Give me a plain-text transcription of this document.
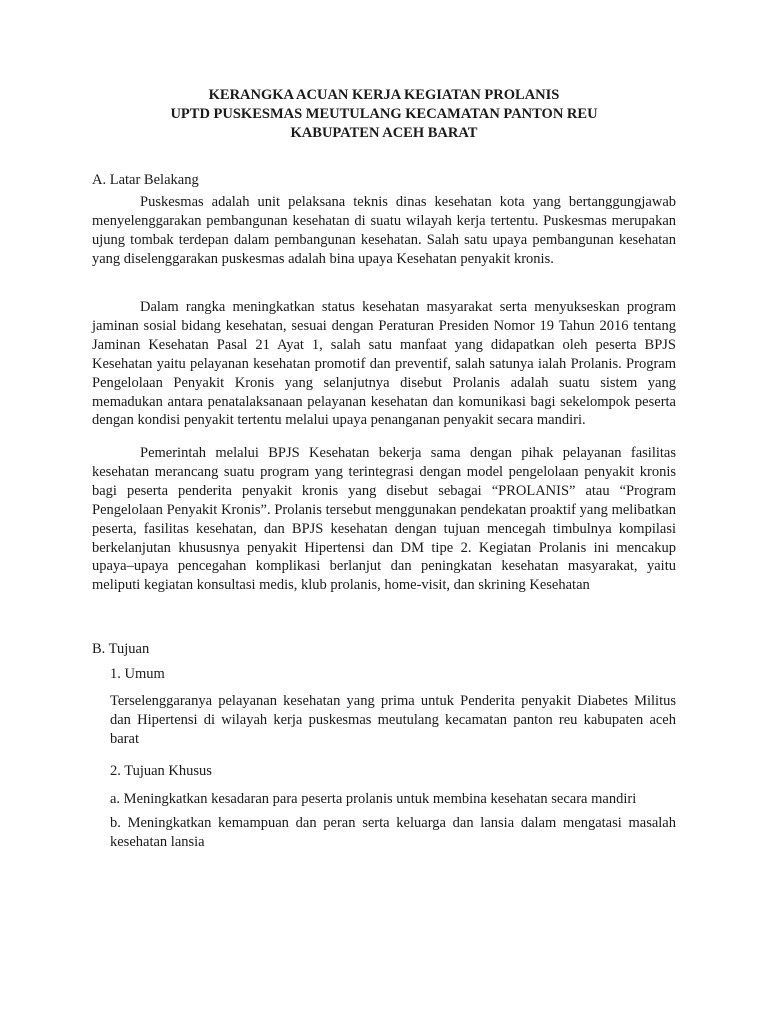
KERANGKA ACUAN KERJA KEGIATAN PROLANIS
UPTD PUSKESMAS MEUTULANG KECAMATAN PANTON REU
KABUPATEN ACEH BARAT
A. Latar Belakang
Puskesmas adalah unit pelaksana teknis dinas kesehatan kota yang bertanggungjawab menyelenggarakan pembangunan kesehatan di suatu wilayah kerja tertentu. Puskesmas merupakan ujung tombak terdepan dalam pembangunan kesehatan. Salah satu upaya pembangunan kesehatan yang diselenggarakan puskesmas adalah bina upaya Kesehatan penyakit kronis.
Dalam rangka meningkatkan status kesehatan masyarakat serta menyukseskan program jaminan sosial bidang kesehatan, sesuai dengan Peraturan Presiden Nomor 19 Tahun 2016 tentang Jaminan Kesehatan Pasal 21 Ayat 1, salah satu manfaat yang didapatkan oleh peserta BPJS Kesehatan yaitu pelayanan kesehatan promotif dan preventif, salah satunya ialah Prolanis. Program Pengelolaan Penyakit Kronis yang selanjutnya disebut Prolanis adalah suatu sistem yang memadukan antara penatalaksanaan pelayanan kesehatan dan komunikasi bagi sekelompok peserta dengan kondisi penyakit tertentu melalui upaya penanganan penyakit secara mandiri.
Pemerintah melalui BPJS Kesehatan bekerja sama dengan pihak pelayanan fasilitas kesehatan merancang suatu program yang terintegrasi dengan model pengelolaan penyakit kronis bagi peserta penderita penyakit kronis yang disebut sebagai “PROLANIS” atau “Program Pengelolaan Penyakit Kronis”. Prolanis tersebut menggunakan pendekatan proaktif yang melibatkan peserta, fasilitas kesehatan, dan BPJS kesehatan dengan tujuan mencegah timbulnya kompilasi berkelanjutan khususnya penyakit Hipertensi dan DM tipe 2. Kegiatan Prolanis ini mencakup upaya–upaya pencegahan komplikasi berlanjut dan peningkatan kesehatan masyarakat, yaitu meliputi kegiatan konsultasi medis, klub prolanis, home-visit, dan skrining Kesehatan
B. Tujuan
1. Umum
Terselenggaranya pelayanan kesehatan yang prima untuk Penderita penyakit Diabetes Militus dan Hipertensi di wilayah kerja puskesmas meutulang kecamatan panton reu kabupaten aceh barat
2. Tujuan Khusus
a. Meningkatkan kesadaran para peserta prolanis untuk membina kesehatan secara mandiri
b. Meningkatkan kemampuan dan peran serta keluarga dan lansia dalam mengatasi masalah kesehatan lansia
